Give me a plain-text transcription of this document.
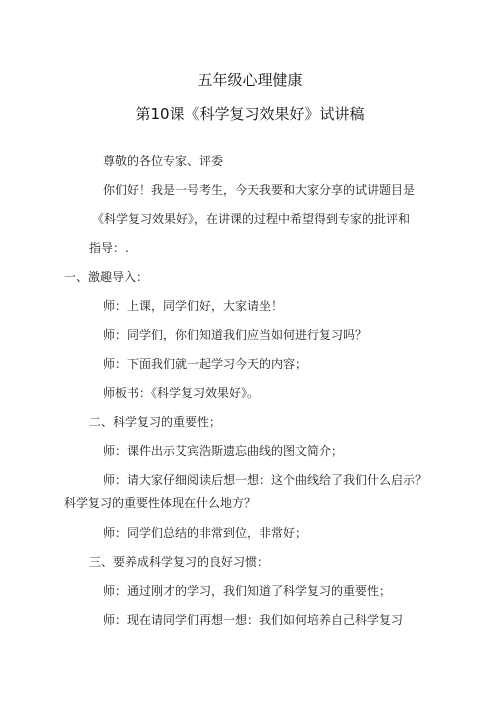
五年级心理健康
第10课《科学复习效果好》试讲稿
尊敬的各位专家、评委
你们好！我是一号考生，今天我要和大家分享的试讲题目是
《科学复习效果好》，在讲课的过程中希望得到专家的批评和
指导：.
一、激趣导入：
师：上课，同学们好，大家请坐！
师：同学们，你们知道我们应当如何进行复习吗？
师：下面我们就一起学习今天的内容；
师板书：《科学复习效果好》。
二、科学复习的重要性；
师：课件出示艾宾浩斯遗忘曲线的图文简介；
师：请大家仔细阅读后想一想：这个曲线给了我们什么启示？
科学复习的重要性体现在什么地方？
师：同学们总结的非常到位，非常好；
三、要养成科学复习的良好习惯：
师：通过刚才的学习，我们知道了科学复习的重要性；
师：现在请同学们再想一想：我们如何培养自己科学复习
